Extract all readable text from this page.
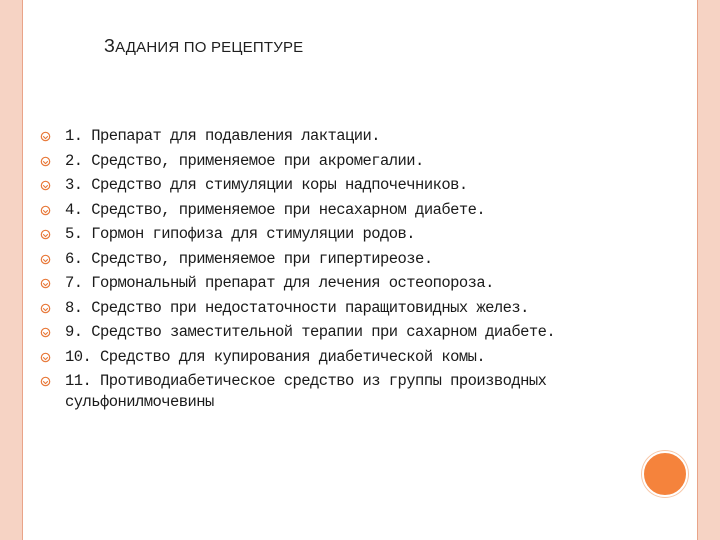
ЗАДАНИЯ ПО РЕЦЕПТУРЕ
1. Препарат для подавления лактации.
2. Средство, применяемое при акромегалии.
3. Средство для стимуляции коры надпочечников.
4. Средство, применяемое при несахарном диабете.
5. Гормон гипофиза для стимуляции родов.
6. Средство, применяемое при гипертиреозе.
7. Гормональный препарат для лечения остеопороза.
8. Средство при недостаточности паращитовидных желез.
9. Средство заместительной терапии при сахарном диабете.
10. Средство для купирования диабетической комы.
11. Противодиабетическое средство из группы производных сульфонилмочевины
